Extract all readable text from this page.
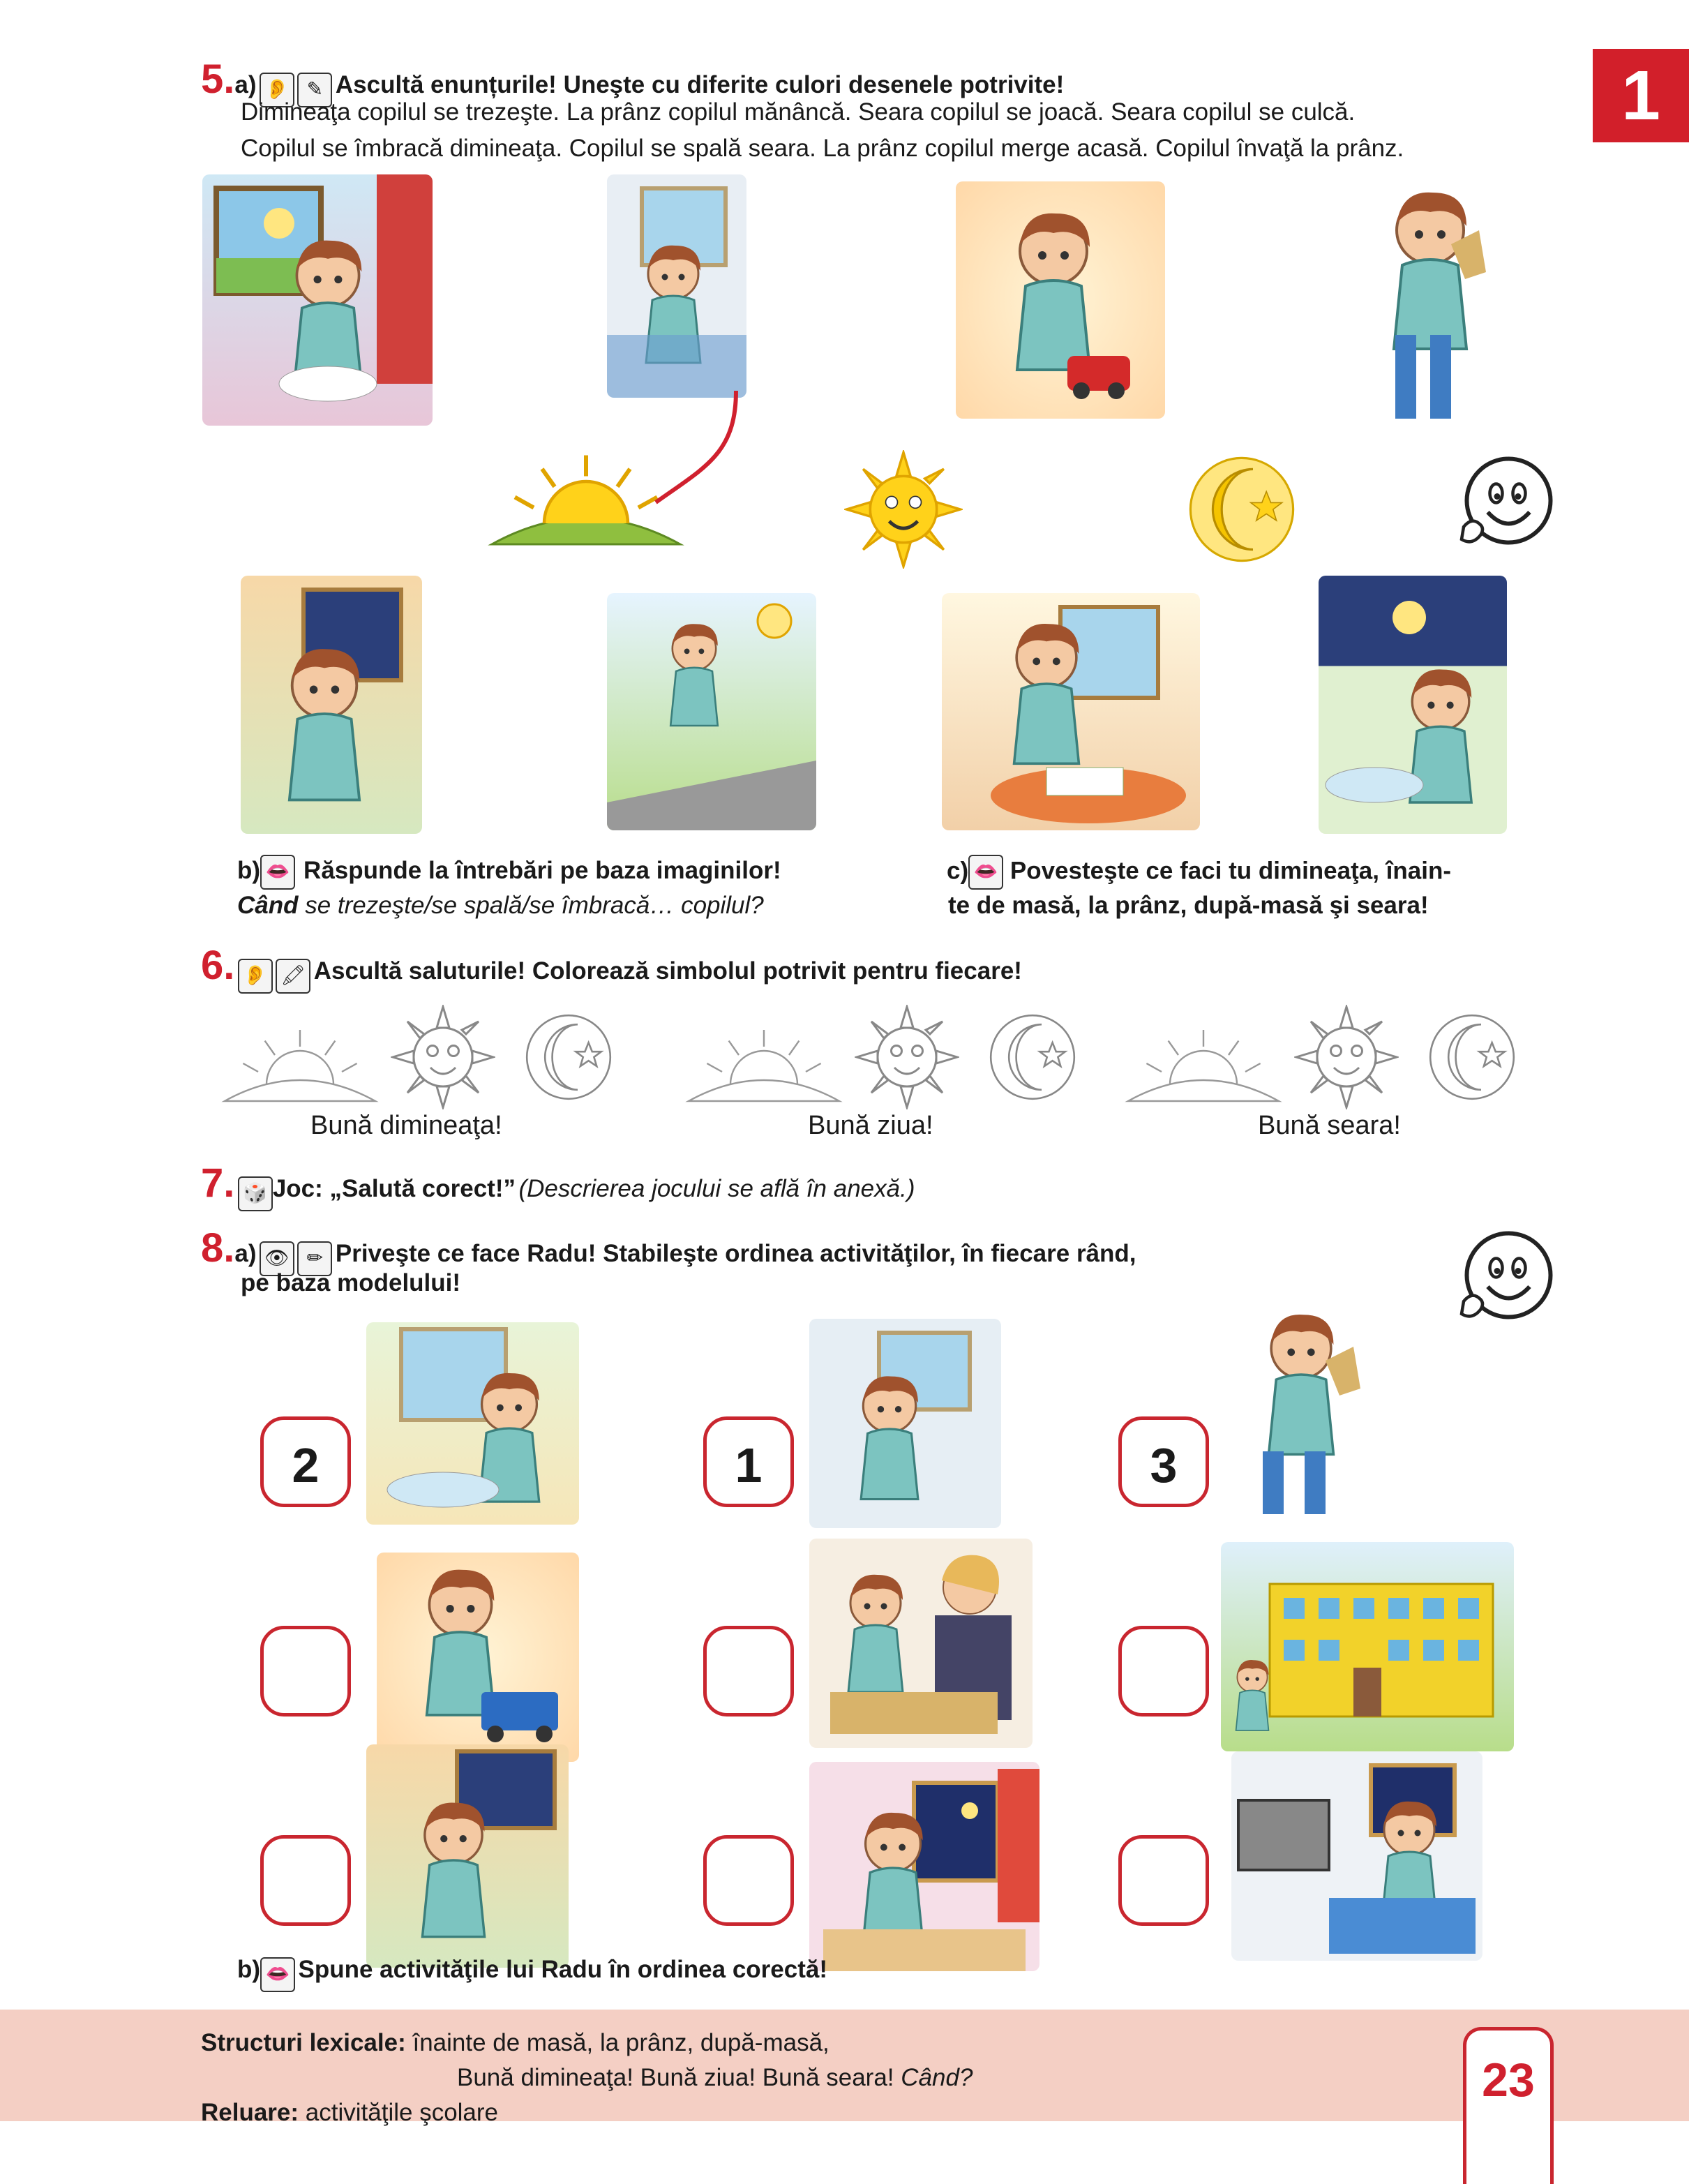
1
5.a) 👂 ✎ Ascultă enunțurile! Uneşte cu diferite culori desenele potrivite!
Dimineaţa copilul se trezeşte. La prânz copilul mănâncă. Seara copilul se joacă. Seara copilul se culcă.
Copilul se îmbracă dimineaţa. Copilul se spală seara. La prânz copilul merge acasă. Copilul învaţă la prânz.
b) 👄 Răspunde la întrebări pe baza imaginilor!
Când se trezeşte/se spală/se îmbracă… copilul?
c) 👄 Povesteşte ce faci tu dimineaţa, înain-
te de masă, la prânz, după-masă şi seara!
6. 👂 🖍 Ascultă saluturile! Colorează simbolul potrivit pentru fiecare!
Bună dimineaţa!	Bună ziua!	Bună seara!
7. 🎲 Joc: „Salută corect!” (Descrierea jocului se află în anexă.)
8.a) 👁 ✏ Priveşte ce face Radu! Stabileşte ordinea activităţilor, în fiecare rând,
pe baza modelului!
2	1	3
b) 👄 Spune activităţile lui Radu în ordinea corectă!
Structuri lexicale: înainte de masă, la prânz, după-masă,
Bună dimineaţa! Bună ziua! Bună seara! Când?
Reluare: activităţile şcolare
23
